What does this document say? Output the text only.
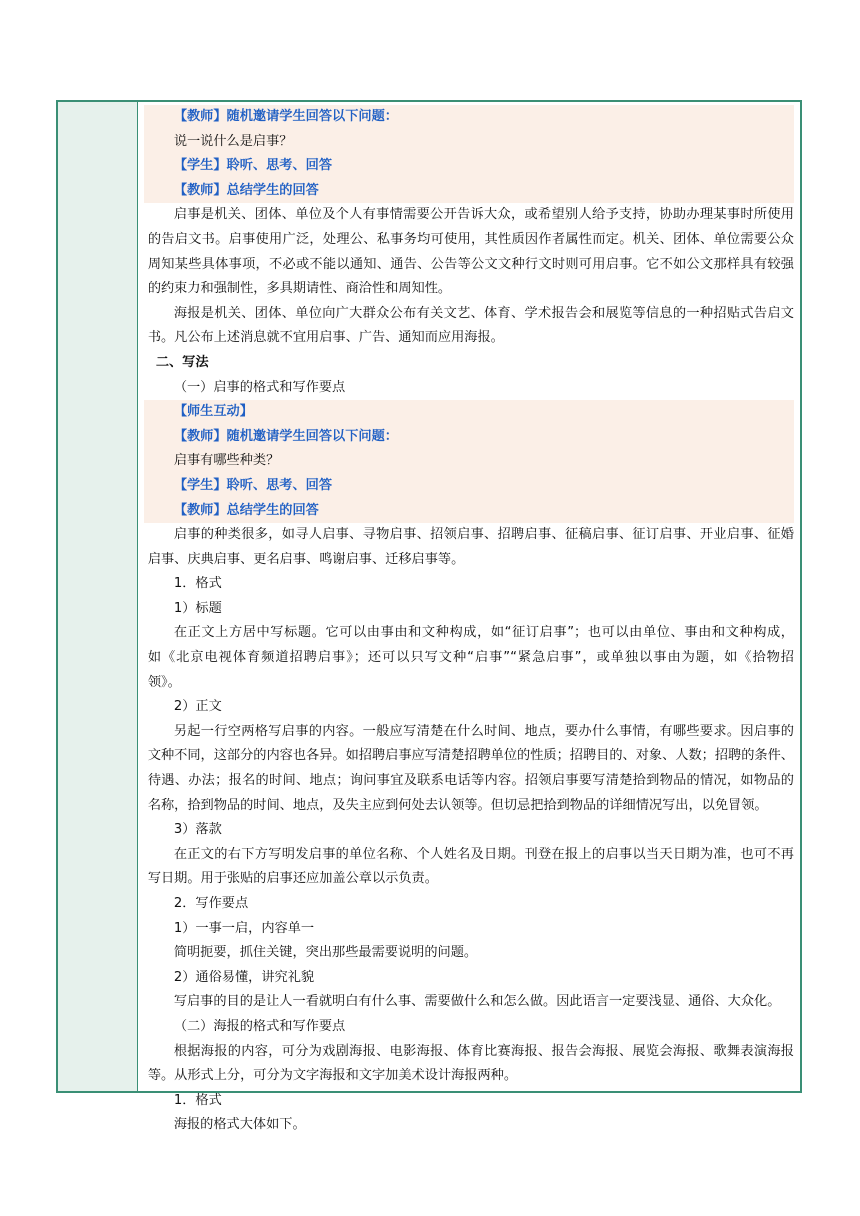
【教师】随机邀请学生回答以下问题：
说一说什么是启事？
【学生】聆听、思考、回答
【教师】总结学生的回答
启事是机关、团体、单位及个人有事情需要公开告诉大众，或希望别人给予支持，协助办理某事时所使用
的告启文书。启事使用广泛，处理公、私事务均可使用，其性质因作者属性而定。机关、团体、单位需要公众
周知某些具体事项，不必或不能以通知、通告、公告等公文文种行文时则可用启事。它不如公文那样具有较强
的约束力和强制性，多具期请性、商洽性和周知性。
海报是机关、团体、单位向广大群众公布有关文艺、体育、学术报告会和展览等信息的一种招贴式告启文
书。凡公布上述消息就不宜用启事、广告、通知而应用海报。
二、写法
（一）启事的格式和写作要点
【师生互动】
【教师】随机邀请学生回答以下问题：
启事有哪些种类？
【学生】聆听、思考、回答
【教师】总结学生的回答
启事的种类很多，如寻人启事、寻物启事、招领启事、招聘启事、征稿启事、征订启事、开业启事、征婚
启事、庆典启事、更名启事、鸣谢启事、迁移启事等。
1．格式
1）标题
在正文上方居中写标题。它可以由事由和文种构成，如“征订启事”；也可以由单位、事由和文种构成，
如《北京电视体育频道招聘启事》；还可以只写文种“启事”“紧急启事”，或单独以事由为题，如《拾物招
领》。
2）正文
另起一行空两格写启事的内容。一般应写清楚在什么时间、地点，要办什么事情，有哪些要求。因启事的
文种不同，这部分的内容也各异。如招聘启事应写清楚招聘单位的性质；招聘目的、对象、人数；招聘的条件、
待遇、办法；报名的时间、地点；询问事宜及联系电话等内容。招领启事要写清楚拾到物品的情况，如物品的
名称，拾到物品的时间、地点，及失主应到何处去认领等。但切忌把拾到物品的详细情况写出，以免冒领。
3）落款
在正文的右下方写明发启事的单位名称、个人姓名及日期。刊登在报上的启事以当天日期为准，也可不再
写日期。用于张贴的启事还应加盖公章以示负责。
2．写作要点
1）一事一启，内容单一
简明扼要，抓住关键，突出那些最需要说明的问题。
2）通俗易懂，讲究礼貌
写启事的目的是让人一看就明白有什么事、需要做什么和怎么做。因此语言一定要浅显、通俗、大众化。
（二）海报的格式和写作要点
根据海报的内容，可分为戏剧海报、电影海报、体育比赛海报、报告会海报、展览会海报、歌舞表演海报
等。从形式上分，可分为文字海报和文字加美术设计海报两种。
1．格式
海报的格式大体如下。
